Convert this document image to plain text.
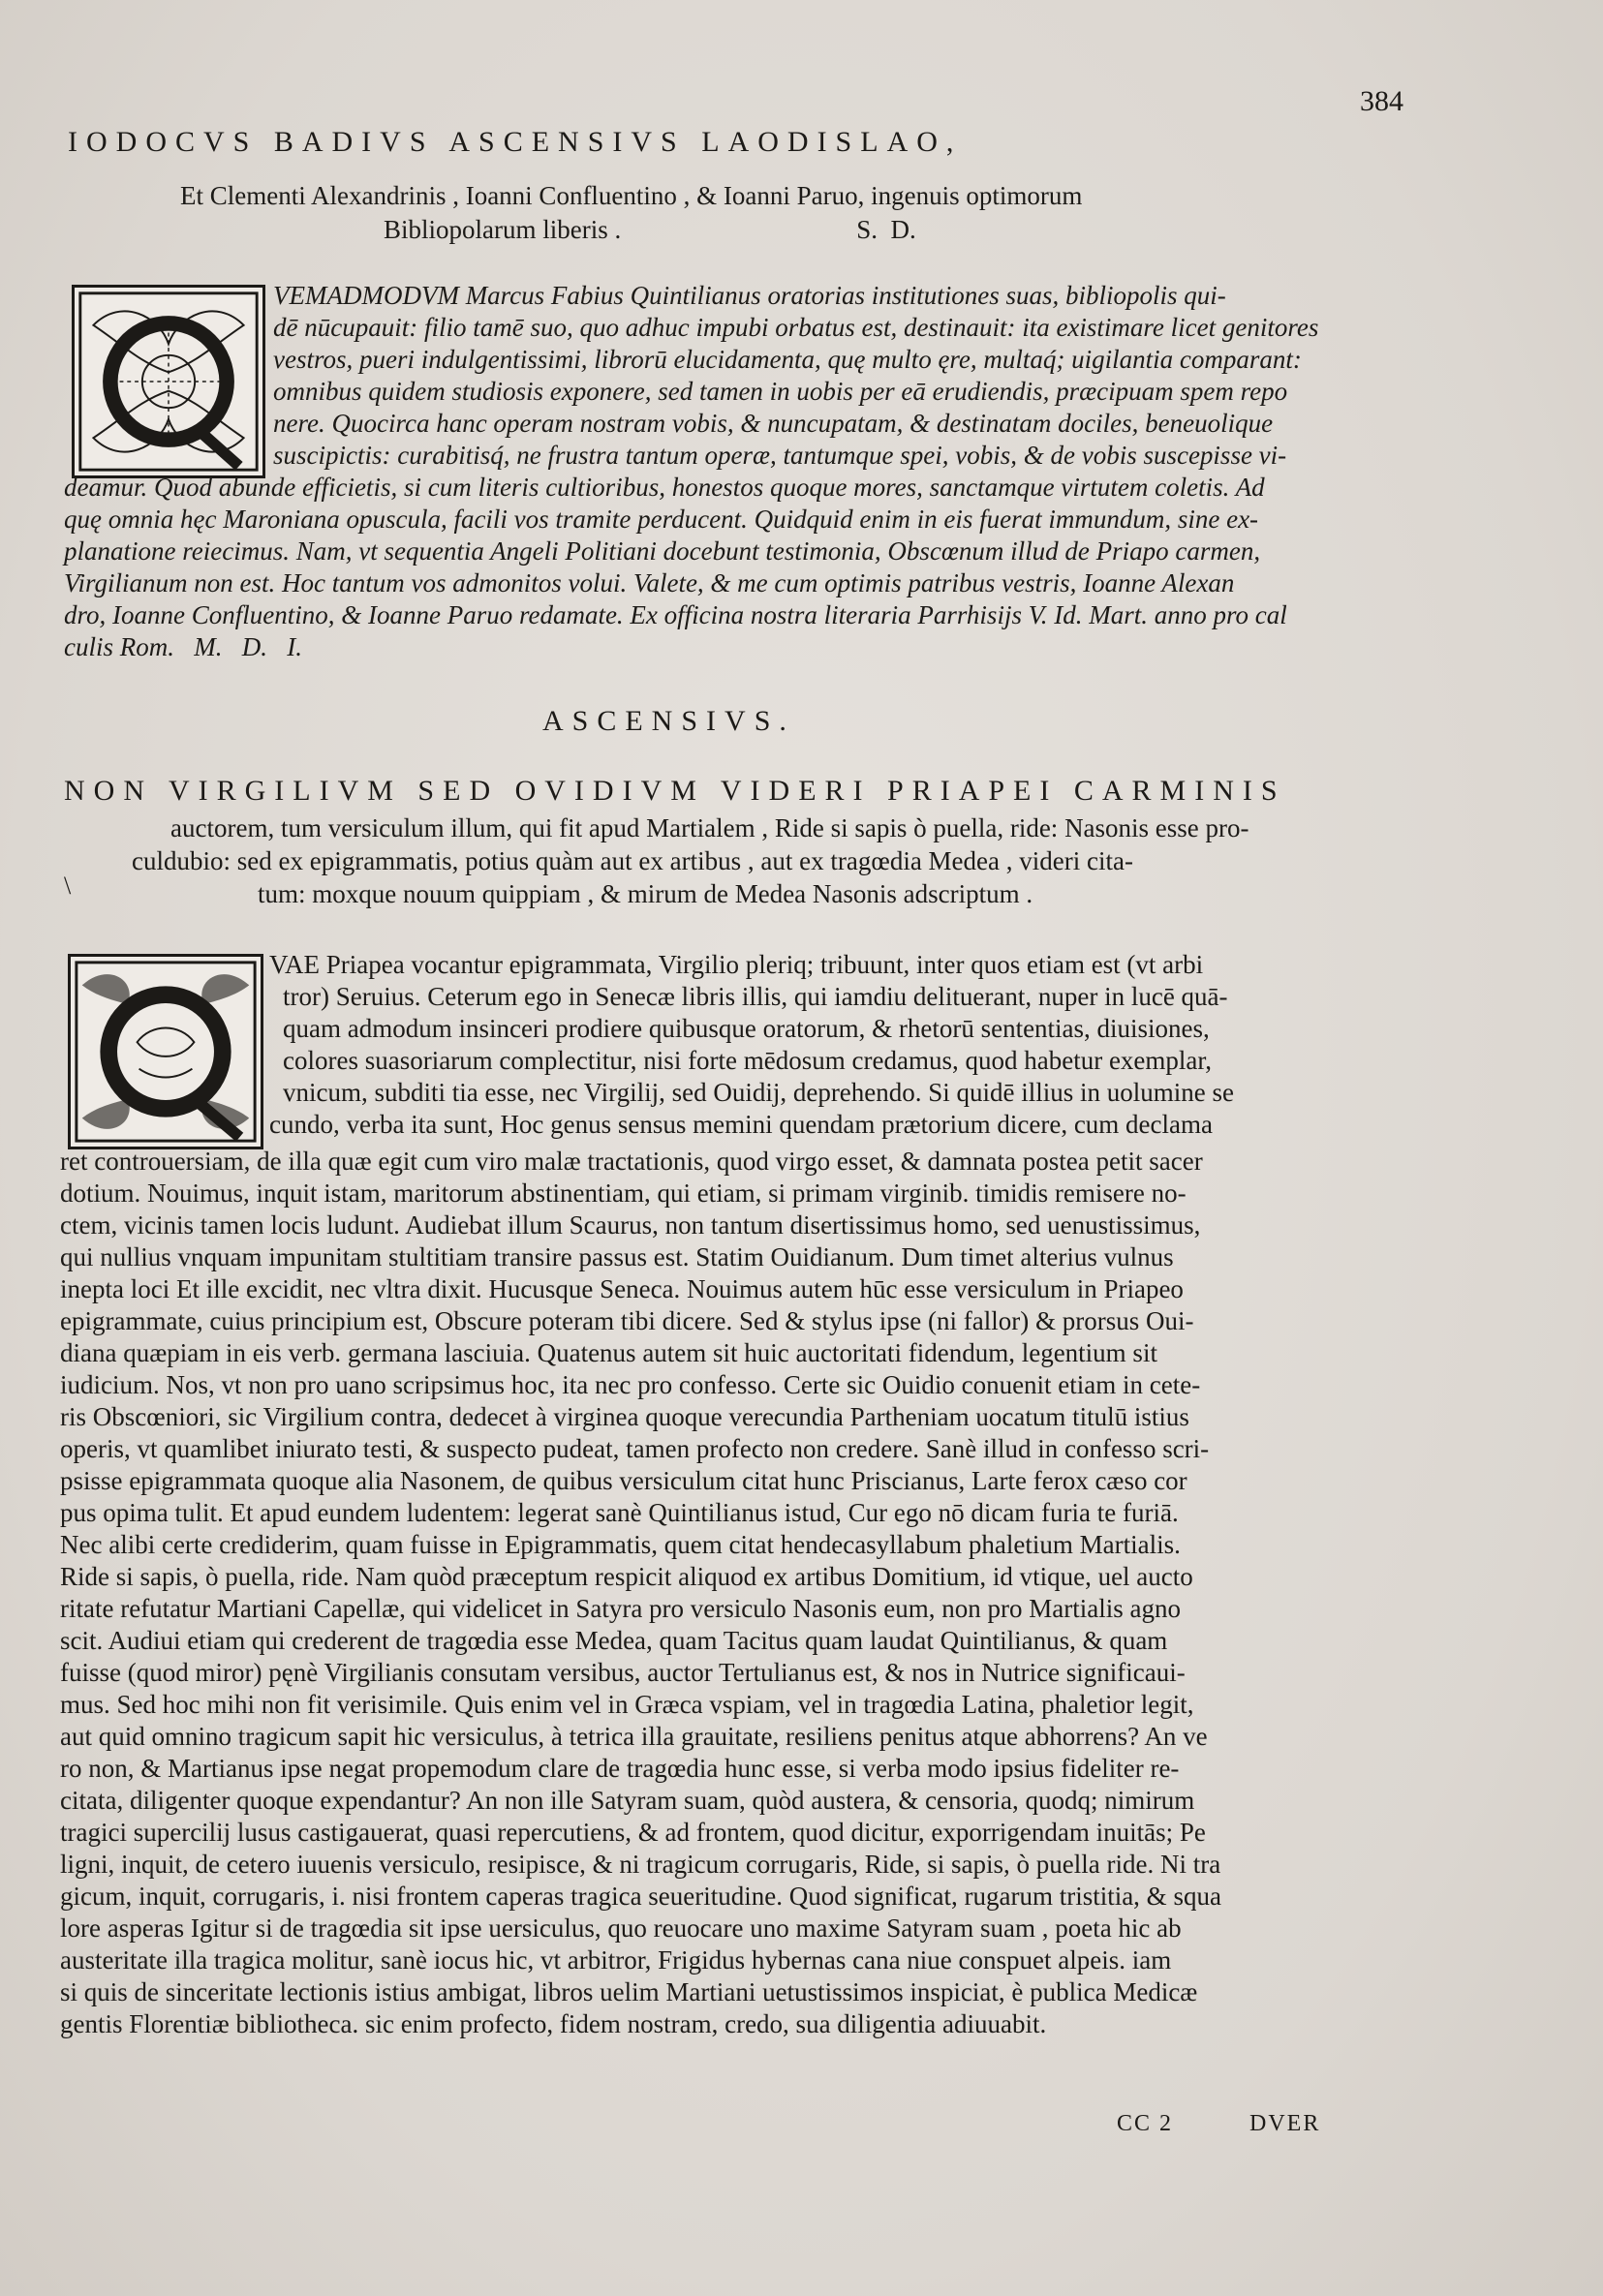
384
IODOCVS BADIVS ASCENSIVS LAODISLAO,
Et Clementi Alexandrinis , Ioanni Confluentino , & Ioanni Paruo, ingenuis optimorum
Bibliopolarum liberis .                                    S.  D.
VEMADMODVM Marcus Fabius Quintilianus oratorias institutiones suas, bibliopolis qui-
dē nūcupauit: filio tamē suo, quo adhuc impubi orbatus est, destinauit: ita existimare licet genitores
vestros, pueri indulgentissimi, librorū elucidamenta, quę multo ęre, multaq́; uigilantia comparant:
omnibus quidem studiosis exponere, sed tamen in uobis per eā erudiendis, præcipuam spem repo
nere. Quocirca hanc operam nostram vobis, & nuncupatam, & destinatam dociles, beneuolique
suscipictis: curabitisq́, ne frustra tantum operæ, tantumque spei, vobis, & de vobis suscepisse vi-
deamur. Quod abunde efficietis, si cum literis cultioribus, honestos quoque mores, sanctamque virtutem coletis. Ad
quę omnia hęc Maroniana opuscula, facili vos tramite perducent. Quidquid enim in eis fuerat immundum, sine ex-
planatione reiecimus. Nam, vt sequentia Angeli Politiani docebunt testimonia, Obscœnum illud de Priapo carmen,
Virgilianum non est. Hoc tantum vos admonitos volui. Valete, & me cum optimis patribus vestris, Ioanne Alexan
dro, Ioanne Confluentino, & Ioanne Paruo redamate. Ex officina nostra literaria Parrhisijs V. Id. Mart. anno pro cal
culis Rom.   M.   D.   I.
ASCENSIVS.
NON VIRGILIVM SED OVIDIVM VIDERI PRIAPEI CARMINIS
auctorem, tum versiculum illum, qui fit apud Martialem , Ride si sapis ò puella, ride: Nasonis esse pro-
culdubio: sed ex epigrammatis, potius quàm aut ex artibus , aut ex tragœdia Medea , videri cita-
tum: moxque nouum quippiam , & mirum de Medea Nasonis adscriptum .
\
VAE Priapea vocantur epigrammata, Virgilio pleriq; tribuunt, inter quos etiam est (vt arbi
tror) Seruius. Ceterum ego in Senecæ libris illis, qui iamdiu delituerant, nuper in lucē quā-
quam admodum insinceri prodiere quibusque oratorum, & rhetorū sententias, diuisiones,
colores suasoriarum complectitur, nisi forte mēdosum credamus, quod habetur exemplar,
vnicum, subditi tia esse, nec Virgilij, sed Ouidij, deprehendo. Si quidē illius in uolumine se
cundo, verba ita sunt, Hoc genus sensus memini quendam prætorium dicere, cum declama
ret controuersiam, de illa quæ egit cum viro malæ tractationis, quod virgo esset, & damnata postea petit sacer
dotium. Nouimus, inquit istam, maritorum abstinentiam, qui etiam, si primam virginib. timidis remisere no-
ctem, vicinis tamen locis ludunt. Audiebat illum Scaurus, non tantum disertissimus homo, sed uenustissimus,
qui nullius vnquam impunitam stultitiam transire passus est. Statim Ouidianum. Dum timet alterius vulnus
inepta loci Et ille excidit, nec vltra dixit. Hucusque Seneca. Nouimus autem hūc esse versiculum in Priapeo
epigrammate, cuius principium est, Obscure poteram tibi dicere. Sed & stylus ipse (ni fallor) & prorsus Oui-
diana quæpiam in eis verb. germana lasciuia. Quatenus autem sit huic auctoritati fidendum, legentium sit
iudicium. Nos, vt non pro uano scripsimus hoc, ita nec pro confesso. Certe sic Ouidio conuenit etiam in cete-
ris Obscœniori, sic Virgilium contra, dedecet à virginea quoque verecundia Partheniam uocatum titulū istius
operis, vt quamlibet iniurato testi, & suspecto pudeat, tamen profecto non credere. Sanè illud in confesso scri-
psisse epigrammata quoque alia Nasonem, de quibus versiculum citat hunc Priscianus, Larte ferox cæso cor
pus opima tulit. Et apud eundem ludentem: legerat sanè Quintilianus istud, Cur ego nō dicam furia te furiā.
Nec alibi certe crediderim, quam fuisse in Epigrammatis, quem citat hendecasyllabum phaletium Martialis.
Ride si sapis, ò puella, ride. Nam quòd præceptum respicit aliquod ex artibus Domitium, id vtique, uel aucto
ritate refutatur Martiani Capellæ, qui videlicet in Satyra pro versiculo Nasonis eum, non pro Martialis agno
scit. Audiui etiam qui crederent de tragœdia esse Medea, quam Tacitus quam laudat Quintilianus, & quam
fuisse (quod miror) pęnè Virgilianis consutam versibus, auctor Tertulianus est, & nos in Nutrice significaui-
mus. Sed hoc mihi non fit verisimile. Quis enim vel in Græca vspiam, vel in tragœdia Latina, phaletior legit,
aut quid omnino tragicum sapit hic versiculus, à tetrica illa grauitate, resiliens penitus atque abhorrens? An ve
ro non, & Martianus ipse negat propemodum clare de tragœdia hunc esse, si verba modo ipsius fideliter re-
citata, diligenter quoque expendantur? An non ille Satyram suam, quòd austera, & censoria, quodq; nimirum
tragici supercilij lusus castigauerat, quasi repercutiens, & ad frontem, quod dicitur, exporrigendam inuitās; Pe
ligni, inquit, de cetero iuuenis versiculo, resipisce, & ni tragicum corrugaris, Ride, si sapis, ò puella ride. Ni tra
gicum, inquit, corrugaris, i. nisi frontem caperas tragica seueritudine. Quod significat, rugarum tristitia, & squa
lore asperas Igitur si de tragœdia sit ipse uersiculus, quo reuocare uno maxime Satyram suam , poeta hic ab
austeritate illa tragica molitur, sanè iocus hic, vt arbitror, Frigidus hybernas cana niue conspuet alpeis. iam
si quis de sinceritate lectionis istius ambigat, libros uelim Martiani uetustissimos inspiciat, è publica Medicæ
gentis Florentiæ bibliotheca. sic enim profecto, fidem nostram, credo, sua diligentia adiuuabit.
CC 2	DVER
